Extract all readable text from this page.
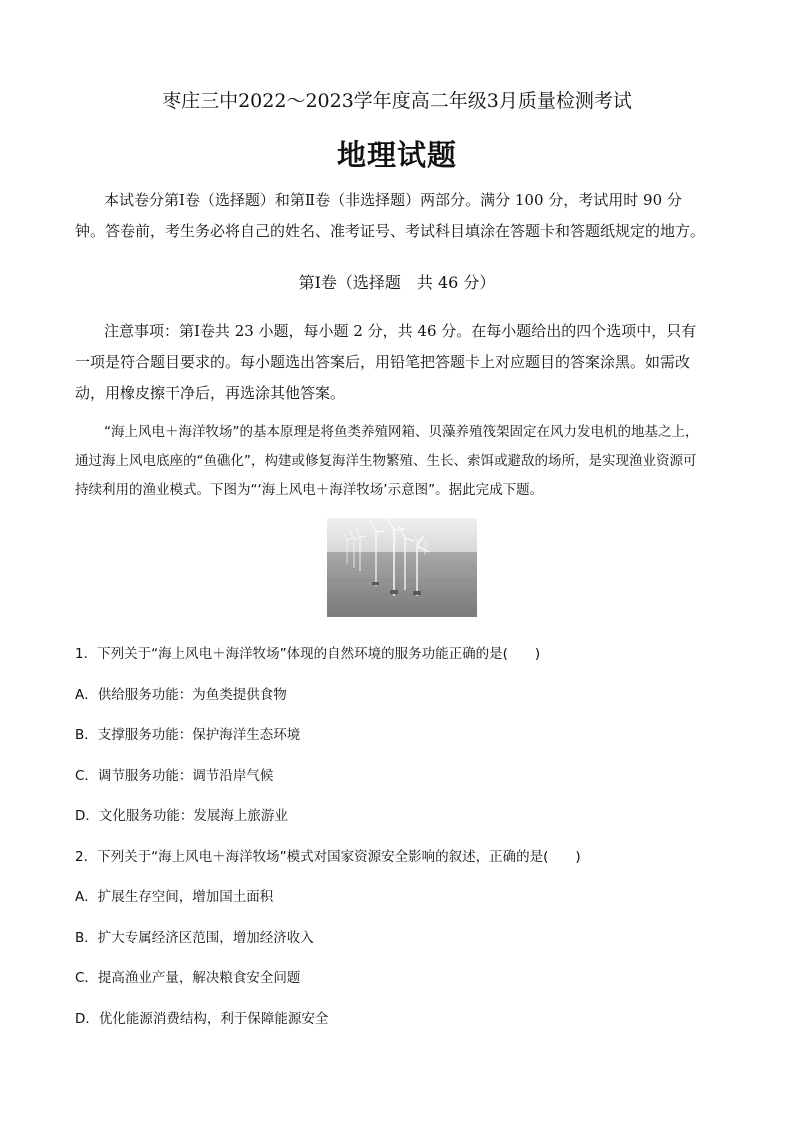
枣庄三中2022～2023学年度高二年级3月质量检测考试
地理试题
本试卷分第Ⅰ卷（选择题）和第Ⅱ卷（非选择题）两部分。满分 100 分，考试用时 90 分
钟。答卷前，考生务必将自己的姓名、准考证号、考试科目填涂在答题卡和答题纸规定的地方。
第Ⅰ卷（选择题　共 46 分）
注意事项：第Ⅰ卷共 23 小题，每小题 2 分，共 46 分。在每小题给出的四个选项中，只有
一项是符合题目要求的。每小题选出答案后，用铅笔把答题卡上对应题目的答案涂黑。如需改
动，用橡皮擦干净后，再选涂其他答案。
“海上风电＋海洋牧场”的基本原理是将鱼类养殖网箱、贝藻养殖筏架固定在风力发电机的地基之上，
通过海上风电底座的“鱼礁化”，构建或修复海洋生物繁殖、生长、索饵或避敌的场所，是实现渔业资源可
持续利用的渔业模式。下图为“‘海上风电＋海洋牧场’示意图”。据此完成下题。
1．下列关于“海上风电＋海洋牧场”体现的自然环境的服务功能正确的是(　　)
A．供给服务功能：为鱼类提供食物
B．支撑服务功能：保护海洋生态环境
C．调节服务功能：调节沿岸气候
D．文化服务功能：发展海上旅游业
2．下列关于“海上风电＋海洋牧场”模式对国家资源安全影响的叙述，正确的是(　　)
A．扩展生存空间，增加国土面积
B．扩大专属经济区范围，增加经济收入
C．提高渔业产量，解决粮食安全问题
D．优化能源消费结构，利于保障能源安全
